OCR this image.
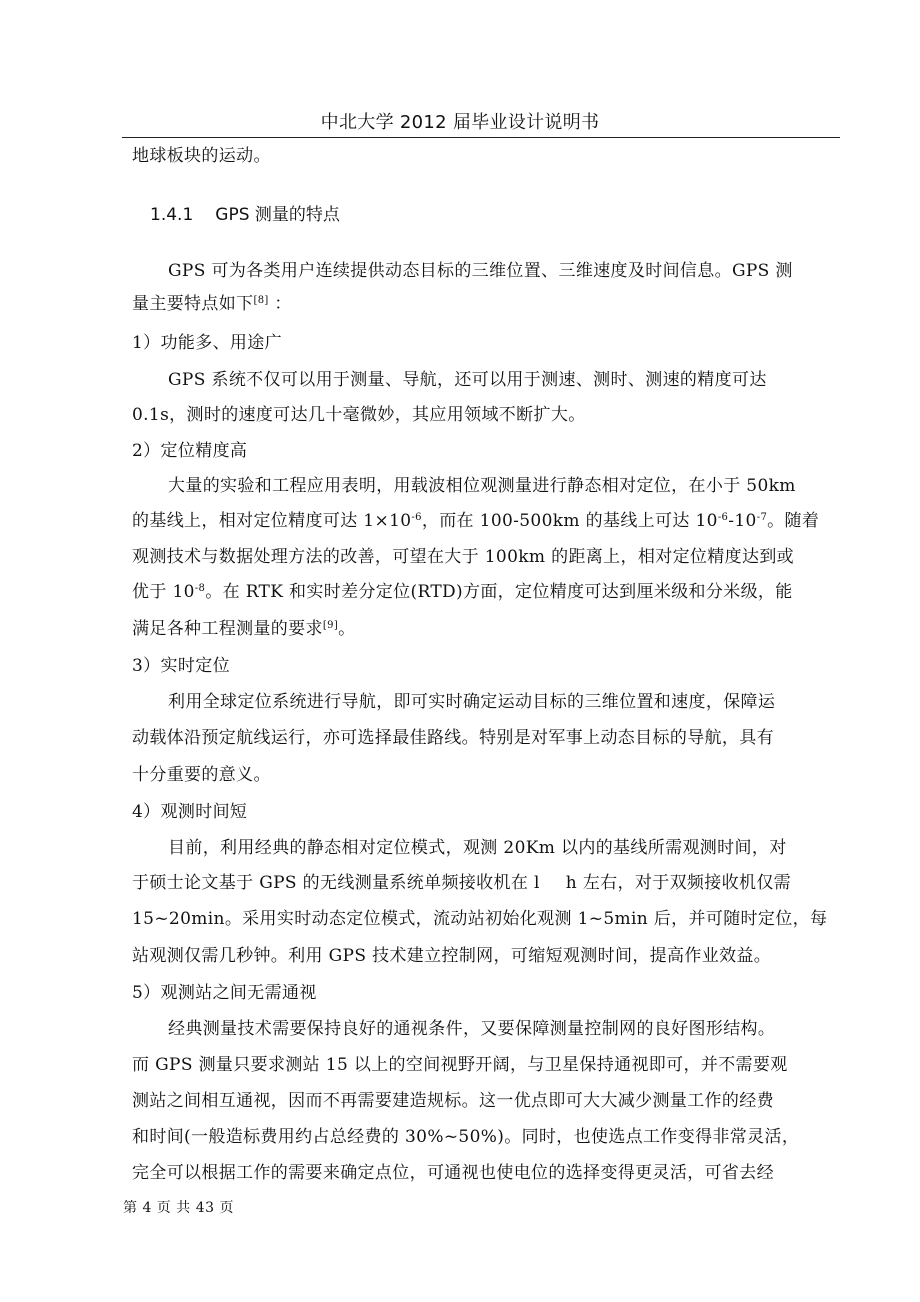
中北大学 2012 届毕业设计说明书
地球板块的运动。
1.4.1 GPS 测量的特点
GPS 可为各类用户连续提供动态目标的三维位置、三维速度及时间信息。GPS 测
量主要特点如下[8] ：
1）功能多、用途广
GPS 系统不仅可以用于测量、导航，还可以用于测速、测时、测速的精度可达
0.1s，测时的速度可达几十毫微妙，其应用领域不断扩大。
2）定位精度高
大量的实验和工程应用表明，用载波相位观测量进行静态相对定位，在小于 50km
的基线上，相对定位精度可达 $1\times 10^{-6}$，而在 100-500km 的基线上可达 $10^{-6}-10^{-7}$。随着
观测技术与数据处理方法的改善，可望在大于 100km 的距离上，相对定位精度达到或
优于 $10^{-8}$。在 RTK 和实时差分定位(RTD)方面，定位精度可达到厘米级和分米级，能
满足各种工程测量的要求[9]。
3）实时定位
利用全球定位系统进行导航，即可实时确定运动目标的三维位置和速度，保障运
动载体沿预定航线运行，亦可选择最佳路线。特别是对军事上动态目标的导航，具有
十分重要的意义。
4）观测时间短
目前，利用经典的静态相对定位模式，观测 20Km 以内的基线所需观测时间，对
于硕士论文基于 GPS 的无线测量系统单频接收机在 l h 左右，对于双频接收机仅需
15~20min。采用实时动态定位模式，流动站初始化观测 1~5min 后，并可随时定位，每
站观测仅需几秒钟。利用 GPS 技术建立控制网，可缩短观测时间，提高作业效益。
5）观测站之间无需通视
经典测量技术需要保持良好的通视条件，又要保障测量控制网的良好图形结构。
而 GPS 测量只要求测站 15 以上的空间视野开阔，与卫星保持通视即可，并不需要观
测站之间相互通视，因而不再需要建造规标。这一优点即可大大减少测量工作的经费
和时间(一般造标费用约占总经费的 30%~50%)。同时，也使选点工作变得非常灵活，
完全可以根据工作的需要来确定点位，可通视也使电位的选择变得更灵活，可省去经
第 4 页 共 43 页
